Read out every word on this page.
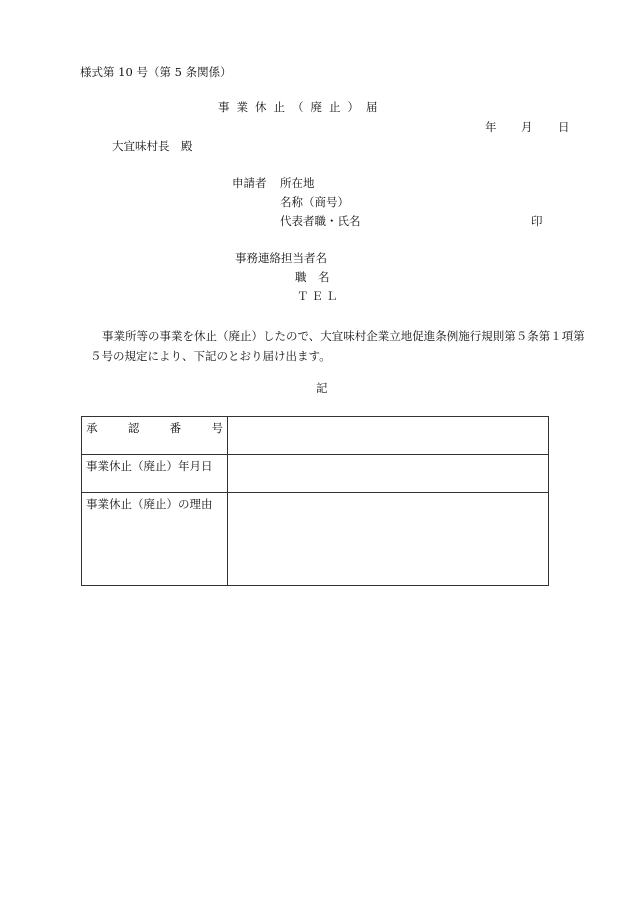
様式第 10 号（第 5 条関係）
事業休止（廃止）届
年 月 日
大宜味村長　殿
申請者 所在地
名称（商号）
代表者職・氏名	印
事務連絡担当者名
職　名
ＴＥＬ
事業所等の事業を休止（廃止）したので、大宜味村企業立地促進条例施行規則第５条第１項第５号の規定により、下記のとおり届け出ます。
記
承 認 番 号	

事業休止（廃止）年月日	
事業休止（廃止）の理由	
